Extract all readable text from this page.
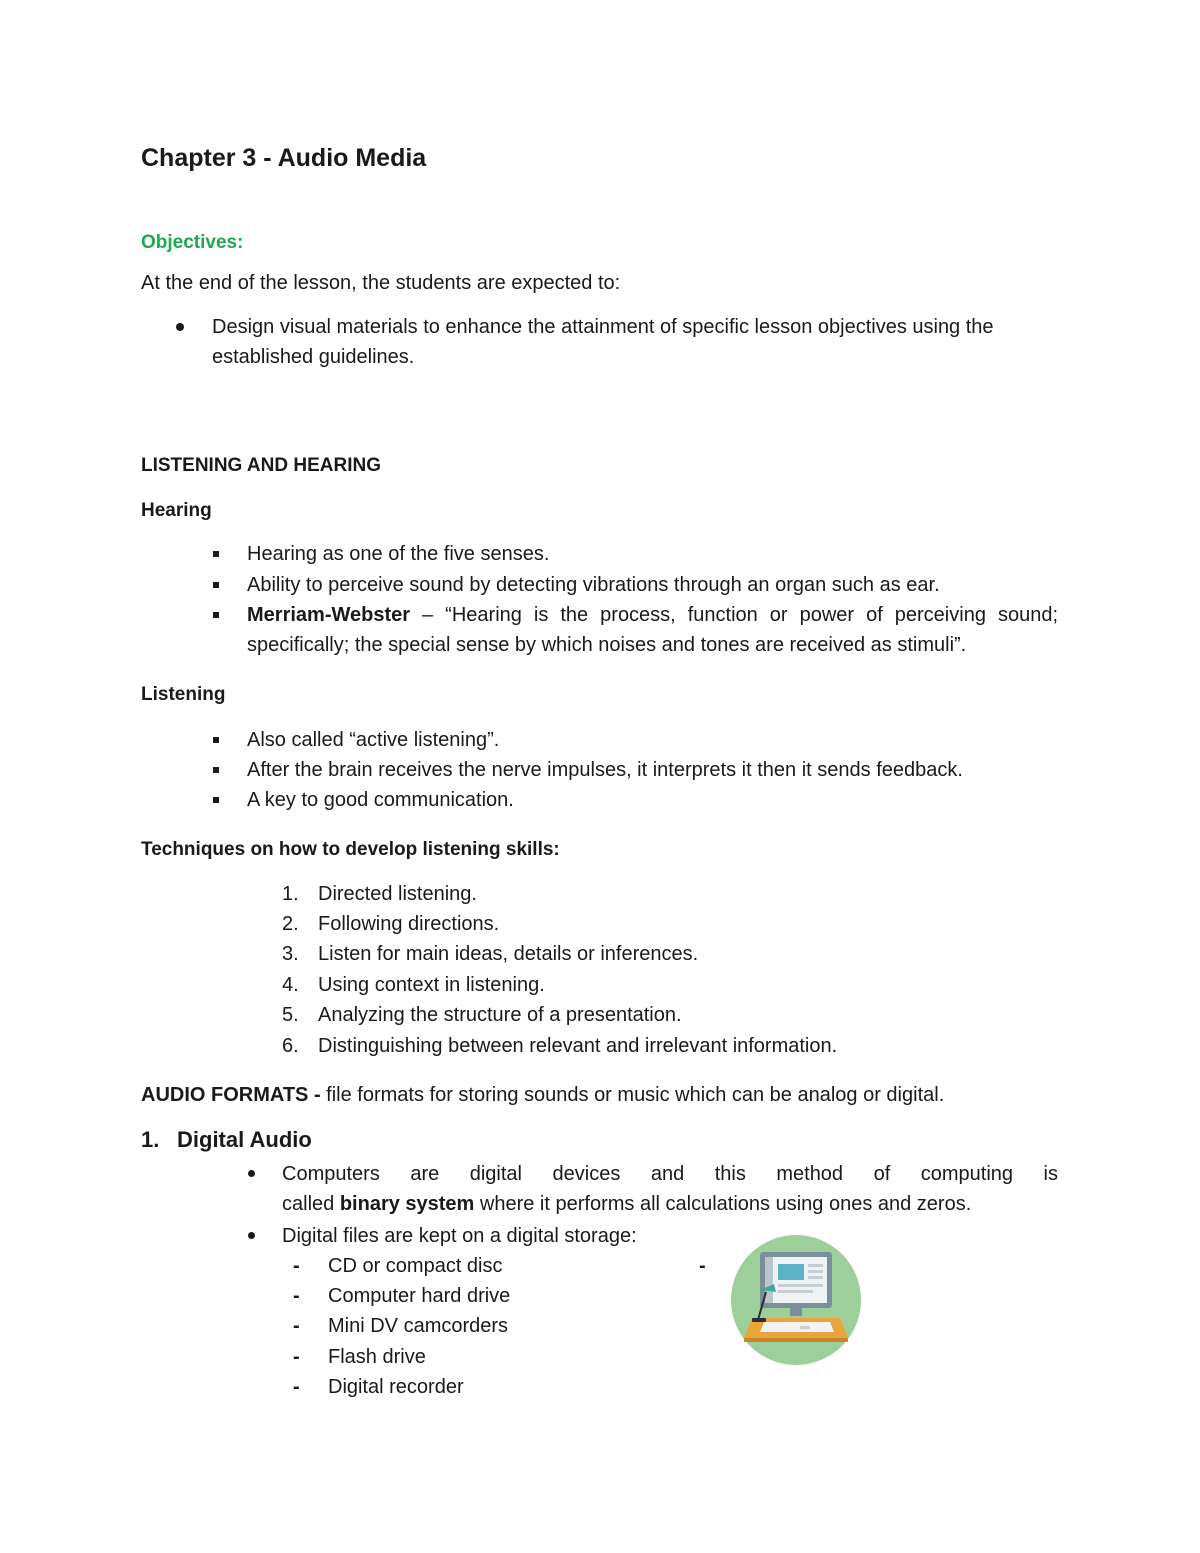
Chapter 3 - Audio Media
Objectives:
At the end of the lesson, the students are expected to:
Design visual materials to enhance the attainment of specific lesson objectives using the
established guidelines.
LISTENING AND HEARING
Hearing
Hearing as one of the five senses.
Ability to perceive sound by detecting vibrations through an organ such as ear.
Merriam-Webster – “Hearing is the process, function or power of perceiving sound;
specifically; the special sense by which noises and tones are received as stimuli”.
Listening
Also called “active listening”.
After the brain receives the nerve impulses, it interprets it then it sends feedback.
A key to good communication.
Techniques on how to develop listening skills:
1. Directed listening.
2. Following directions.
3. Listen for main ideas, details or inferences.
4. Using context in listening.
5. Analyzing the structure of a presentation.
6. Distinguishing between relevant and irrelevant information.
AUDIO FORMATS - file formats for storing sounds or music which can be analog or digital.
1. Digital Audio
Computers are digital devices and this method of computing is
called binary system where it performs all calculations using ones and zeros.
Digital files are kept on a digital storage:
- CD or compact disc	-
- Computer hard drive
- Mini DV camcorders
- Flash drive
- Digital recorder
